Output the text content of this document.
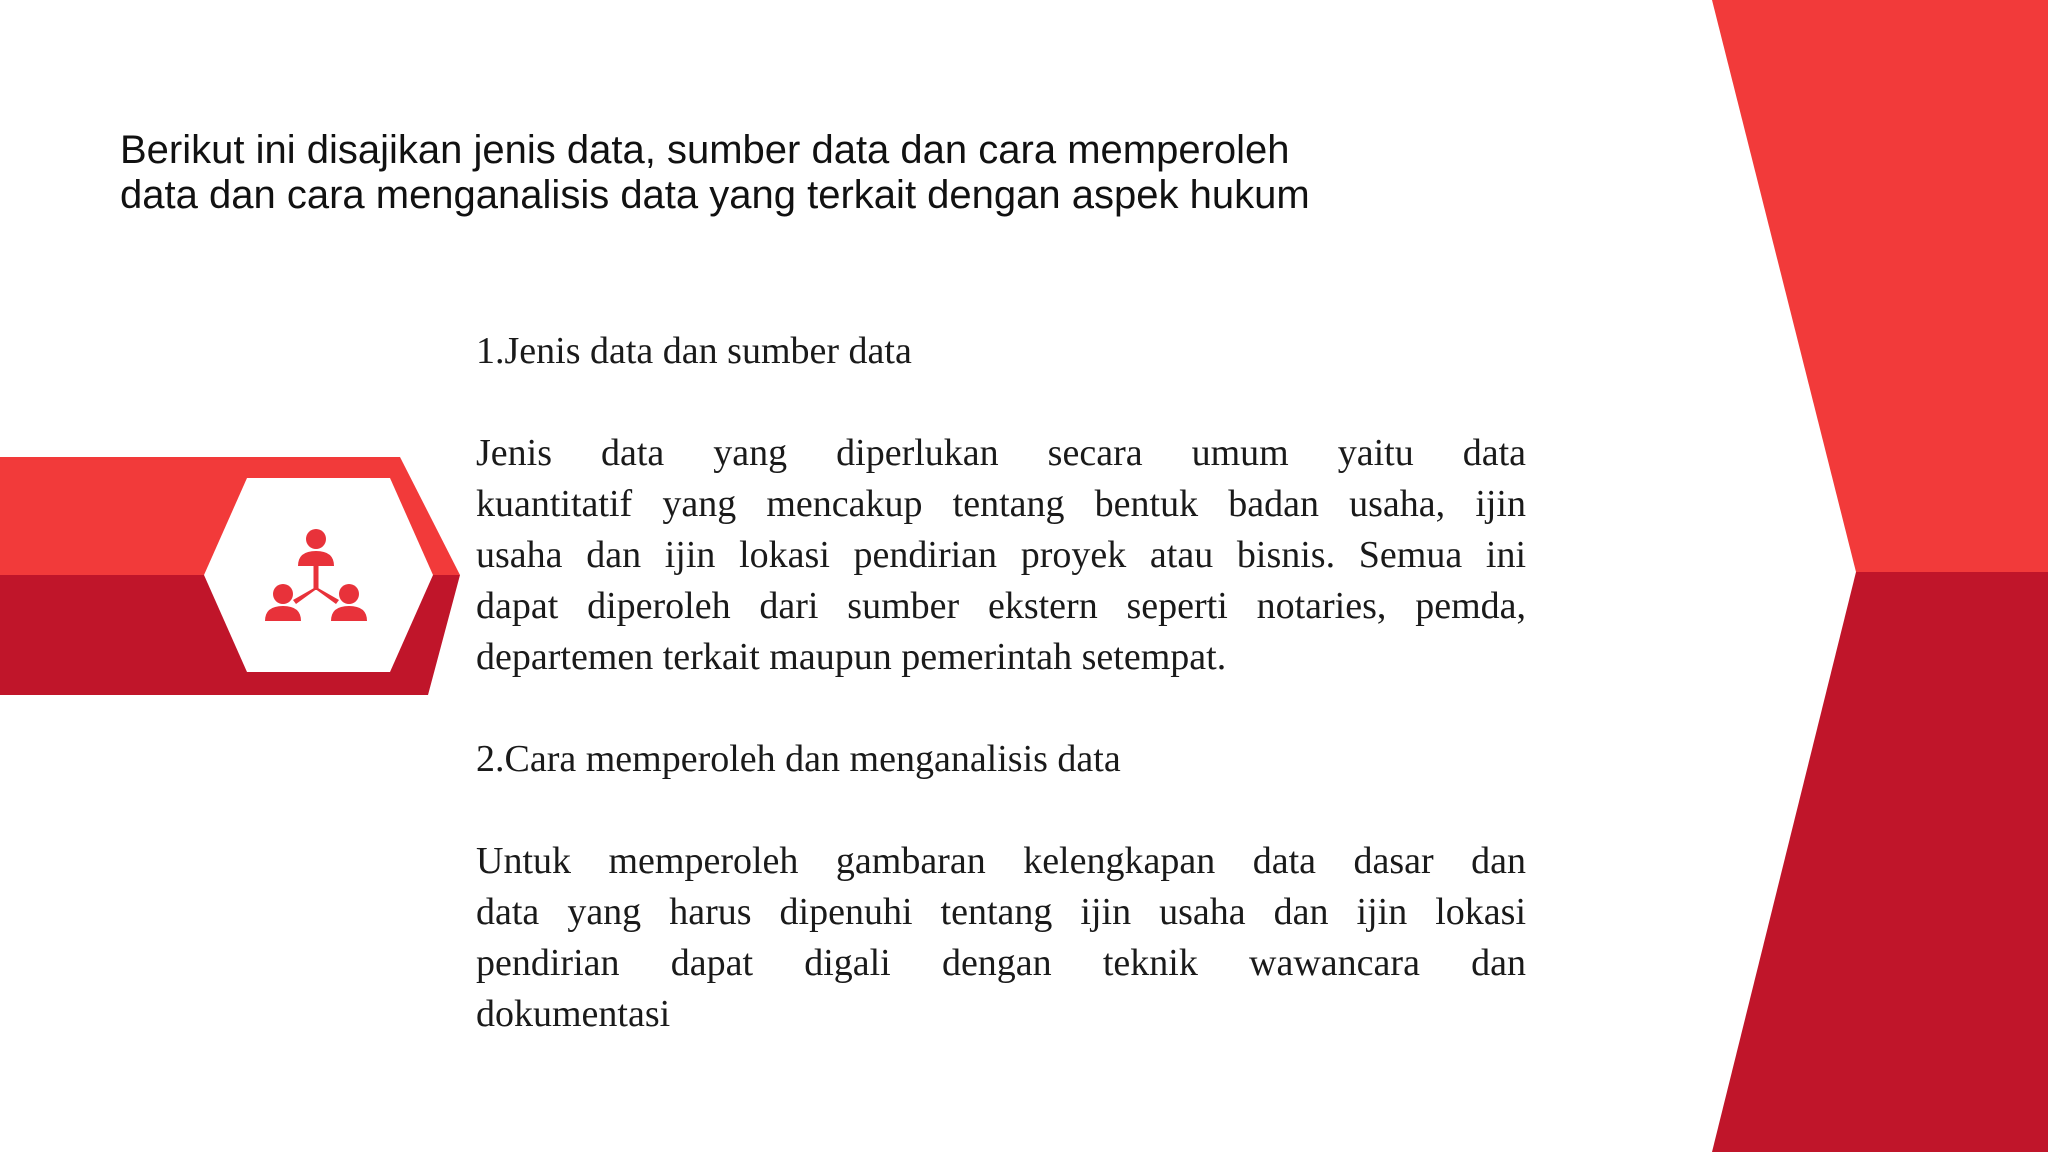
Berikut ini disajikan jenis data, sumber data dan cara memperoleh
data dan cara menganalisis data yang terkait dengan aspek hukum

1.Jenis data dan sumber data

Jenis data yang diperlukan secara umum yaitu data

kuantitatif yang mencakup tentang bentuk badan usaha, ijin

usaha dan ijin lokasi pendirian proyek atau bisnis. Semua ini

dapat diperoleh dari sumber ekstern seperti notaries, pemda,

departemen terkait maupun pemerintah setempat.

2.Cara memperoleh dan menganalisis data

Untuk memperoleh gambaran kelengkapan data dasar dan

data yang harus dipenuhi tentang ijin usaha dan ijin lokasi

pendirian dapat digali dengan teknik wawancara dan

dokumentasi
